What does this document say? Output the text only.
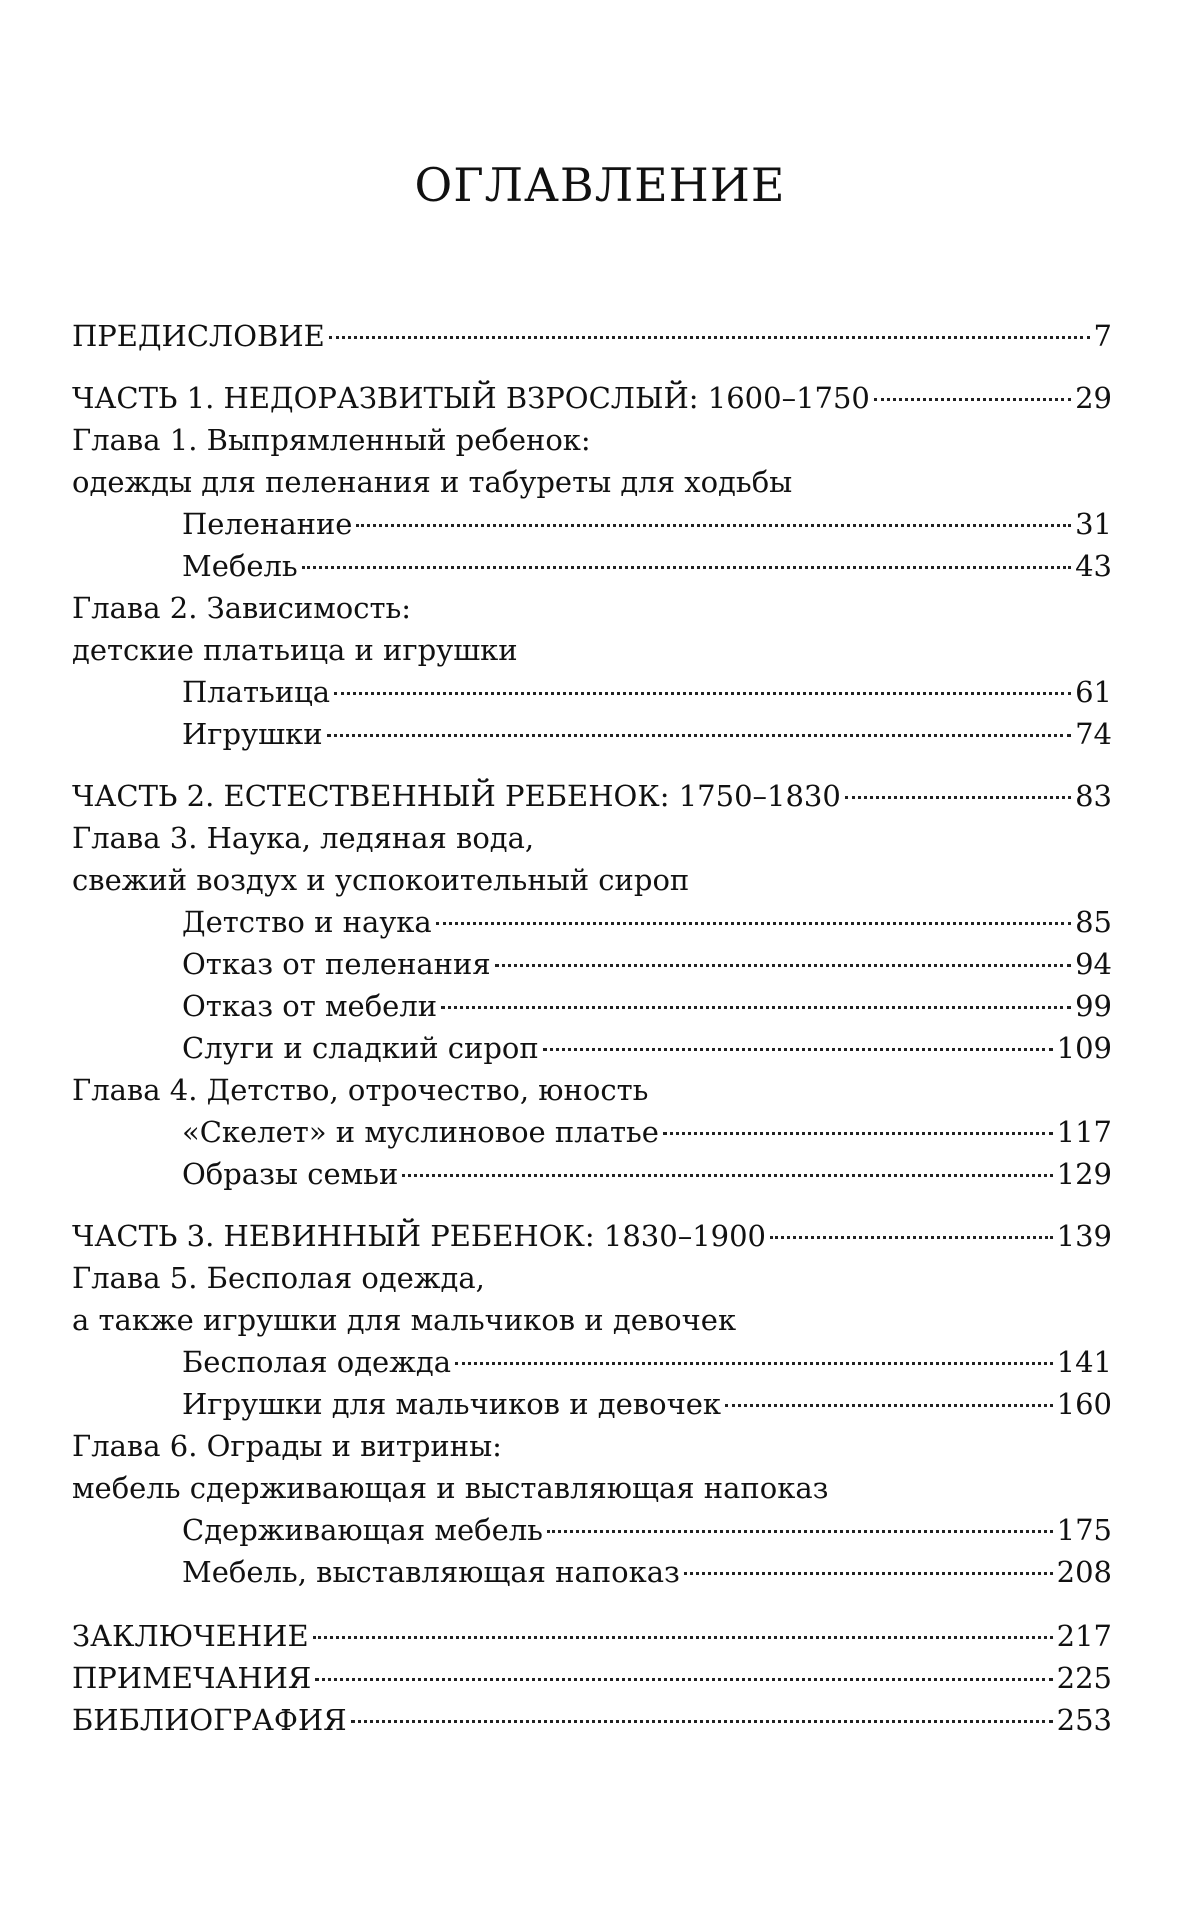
ОГЛАВЛЕНИЕ
ПРЕДИСЛОВИЕ	7
ЧАСТЬ 1. НЕДОРАЗВИТЫЙ ВЗРОСЛЫЙ: 1600–1750	29
Глава 1. Выпрямленный ребенок:
одежды для пеленания и табуреты для ходьбы
Пеленание	31
Мебель	43
Глава 2. Зависимость:
детские платьица и игрушки
Платьица	61
Игрушки	74
ЧАСТЬ 2. ЕСТЕСТВЕННЫЙ РЕБЕНОК: 1750–1830	83
Глава 3. Наука, ледяная вода,
свежий воздух и успокоительный сироп
Детство и наука	85
Отказ от пеленания	94
Отказ от мебели	99
Слуги и сладкий сироп	109
Глава 4. Детство, отрочество, юность
«Скелет» и муслиновое платье	117
Образы семьи	129
ЧАСТЬ 3. НЕВИННЫЙ РЕБЕНОК: 1830–1900	139
Глава 5. Бесполая одежда,
а также игрушки для мальчиков и девочек
Бесполая одежда	141
Игрушки для мальчиков и девочек	160
Глава 6. Ограды и витрины:
мебель сдерживающая и выставляющая напоказ
Сдерживающая мебель	175
Мебель, выставляющая напоказ	208
ЗАКЛЮЧЕНИЕ	217
ПРИМЕЧАНИЯ	225
БИБЛИОГРАФИЯ	253
